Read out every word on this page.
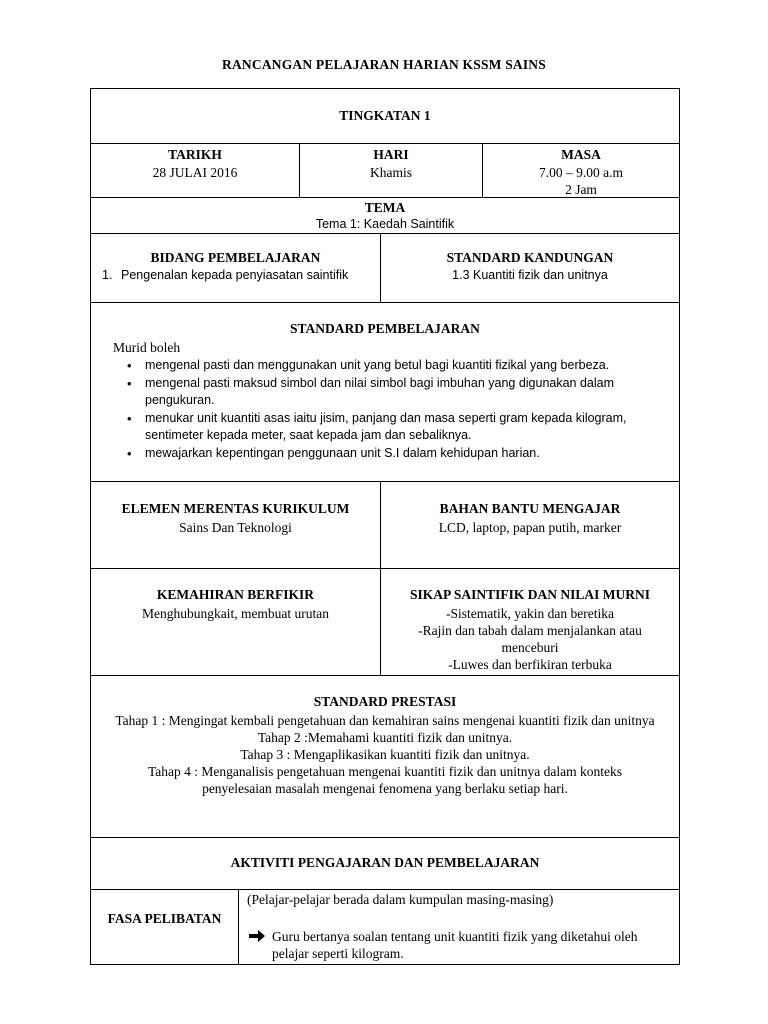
RANCANGAN PELAJARAN HARIAN KSSM SAINS
TINGKATAN 1
TARIKH
28 JULAI 2016
HARI
Khamis
MASA
7.00 – 9.00 a.m
2 Jam
TEMA
Tema 1: Kaedah Saintifik
BIDANG PEMBELAJARAN
1. Pengenalan kepada penyiasatan saintifik
STANDARD KANDUNGAN
1.3 Kuantiti fizik dan unitnya
STANDARD PEMBELAJARAN
Murid boleh
• mengenal pasti dan menggunakan unit yang betul bagi kuantiti fizikal yang berbeza.
• mengenal pasti maksud simbol dan nilai simbol bagi imbuhan yang digunakan dalam pengukuran.
• menukar unit kuantiti asas iaitu jisim, panjang dan masa seperti gram kepada kilogram, sentimeter kepada meter, saat kepada jam dan sebaliknya.
• mewajarkan kepentingan penggunaan unit S.I dalam kehidupan harian.
ELEMEN MERENTAS KURIKULUM
Sains Dan Teknologi
BAHAN BANTU MENGAJAR
LCD, laptop, papan putih, marker
KEMAHIRAN BERFIKIR
Menghubungkait, membuat urutan
SIKAP SAINTIFIK DAN NILAI MURNI
-Sistematik, yakin dan beretika
-Rajin dan tabah dalam menjalankan atau menceburi
-Luwes dan berfikiran terbuka
STANDARD PRESTASI
Tahap 1 : Mengingat kembali pengetahuan dan kemahiran sains mengenai kuantiti fizik dan unitnya
Tahap 2 :Memahami kuantiti fizik dan unitnya.
Tahap 3 : Mengaplikasikan kuantiti fizik dan unitnya.
Tahap 4 : Menganalisis pengetahuan mengenai kuantiti fizik dan unitnya dalam konteks penyelesaian masalah mengenai fenomena yang berlaku setiap hari.
AKTIVITI PENGAJARAN DAN PEMBELAJARAN
FASA PELIBATAN
(Pelajar-pelajar berada dalam kumpulan masing-masing)
Guru bertanya soalan tentang unit kuantiti fizik yang diketahui oleh pelajar seperti kilogram.
